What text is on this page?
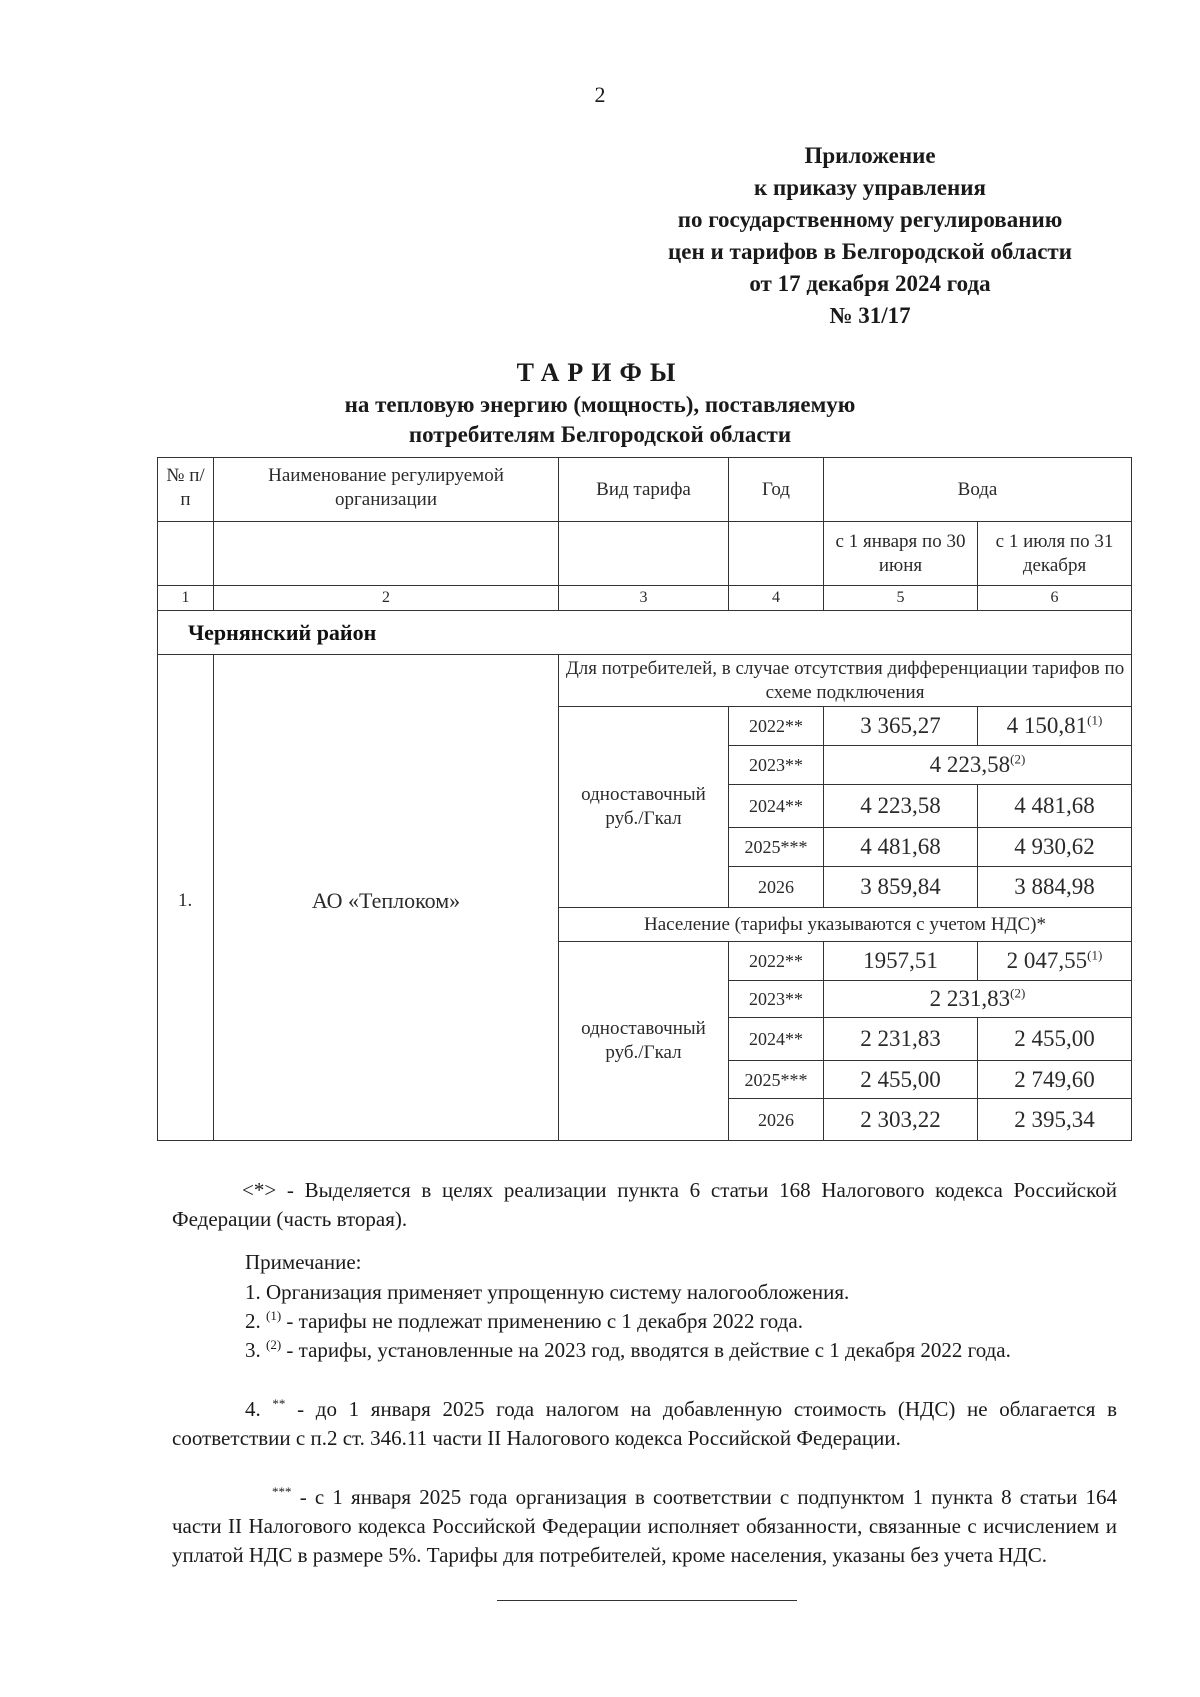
2
Приложение
к приказу управления
по государственному регулированию
цен и тарифов в Белгородской области
от 17 декабря 2024 года
№ 31/17
ТАРИФЫ
на тепловую энергию (мощность), поставляемую
потребителям Белгородской области
№ п/п	Наименование регулируемой организации	Вид тарифа	Год	Вода	
				с 1 января по 30 июня	с 1 июля по 31 декабря
1	2	3	4	5	6
Чернянский район					
1.	АО «Теплоком»	Для потребителей, в случае отсутствия дифференциации тарифов по схеме подключения			
		одноставочный руб./Гкал	2022**	3 365,27	4 150,81$^{(1)}$
			2023**	4 223,58$^{(2)}$
			2024**	4 223,58	4 481,68
			2025***	4 481,68	4 930,62
			2026	3 859,84	3 884,98
		Население (тарифы указываются с учетом НДС)*			
		одноставочный руб./Гкал	2022**	1957,51	2 047,55$^{(1)}$
			2023**	2 231,83$^{(2)}$
			2024**	2 231,83	2 455,00
			2025***	2 455,00	2 749,60
			2026	2 303,22	2 395,34
<*> - Выделяется в целях реализации пункта 6 статьи 168 Налогового кодекса Российской Федерации (часть вторая).
Примечание:
1. Организация применяет упрощенную систему налогообложения.
2. $^{(1)}$ - тарифы не подлежат применению с 1 декабря 2022 года.
3. $^{(2)}$ - тарифы, установленные на 2023 год, вводятся в действие с 1 декабря 2022 года.
4. ** - до 1 января 2025 года налогом на добавленную стоимость (НДС) не облагается в соответствии с п.2 ст. 346.11 части II Налогового кодекса Российской Федерации.
*** - с 1 января 2025 года организация в соответствии с подпунктом 1 пункта 8 статьи 164 части II Налогового кодекса Российской Федерации исполняет обязанности, связанные с исчислением и уплатой НДС в размере 5%. Тарифы для потребителей, кроме населения, указаны без учета НДС.
